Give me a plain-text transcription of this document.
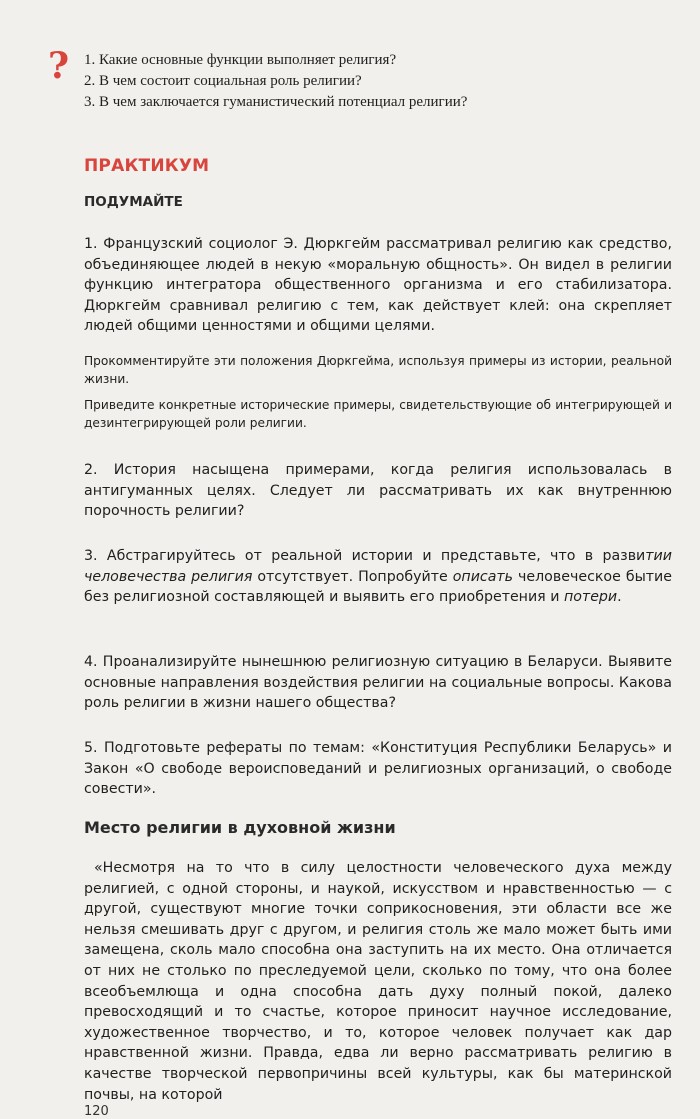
? 1. Какие основные функции выполняет религия?
2. В чем состоит социальная роль религии?
3. В чем заключается гуманистический потенциал религии?
ПРАКТИКУМ
ПОДУМАЙТЕ

1. Французский социолог Э. Дюркгейм рассматривал религию как средство, объединяющее людей в некую «моральную общность». Он видел в религии функцию интегратора общественного организма и его стабилизатора. Дюркгейм сравнивал религию с тем, как действует клей: она скрепляет людей общими ценностями и общими целями.

Прокомментируйте эти положения Дюркгейма, используя примеры из истории, реальной жизни.

Приведите конкретные исторические примеры, свидетельствующие об интегрирующей и дезинтегрирующей роли религии.

2. История насыщена примерами, когда религия использовалась в антигуманных целях. Следует ли рассматривать их как внутреннюю порочность религии?

3. Абстрагируйтесь от реальной истории и представьте, что в развитии человечества религия отсутствует. Попробуйте описать человеческое бытие без религиозной составляющей и выявить его приобретения и потери.

4. Проанализируйте нынешнюю религиозную ситуацию в Беларуси. Выявите основные направления воздействия религии на социальные вопросы. Какова роль религии в жизни нашего общества?

5. Подготовьте рефераты по темам: «Конституция Республики Беларусь» и Закон «О свободе вероисповеданий и религиозных организаций, о свободе совести».

Место религии в духовной жизни

«Несмотря на то что в силу целостности человеческого духа между религией, с одной стороны, и наукой, искусством и нравственностью — с другой, существуют многие точки соприкосновения, эти области все же нельзя смешивать друг с другом, и религия столь же мало может быть ими замещена, сколь мало способна она заступить на их место. Она отличается от них не столько по преследуемой цели, сколько по тому, что она более всеобъемлюща и одна способна дать духу полный покой, далеко превосходящий и то счастье, которое приносит научное исследование, художественное творчество, и то, которое человек получает как дар нравственной жизни. Правда, едва ли верно рассматривать религию в качестве творческой первопричины всей культуры, как бы материнской почвы, на которой

120
